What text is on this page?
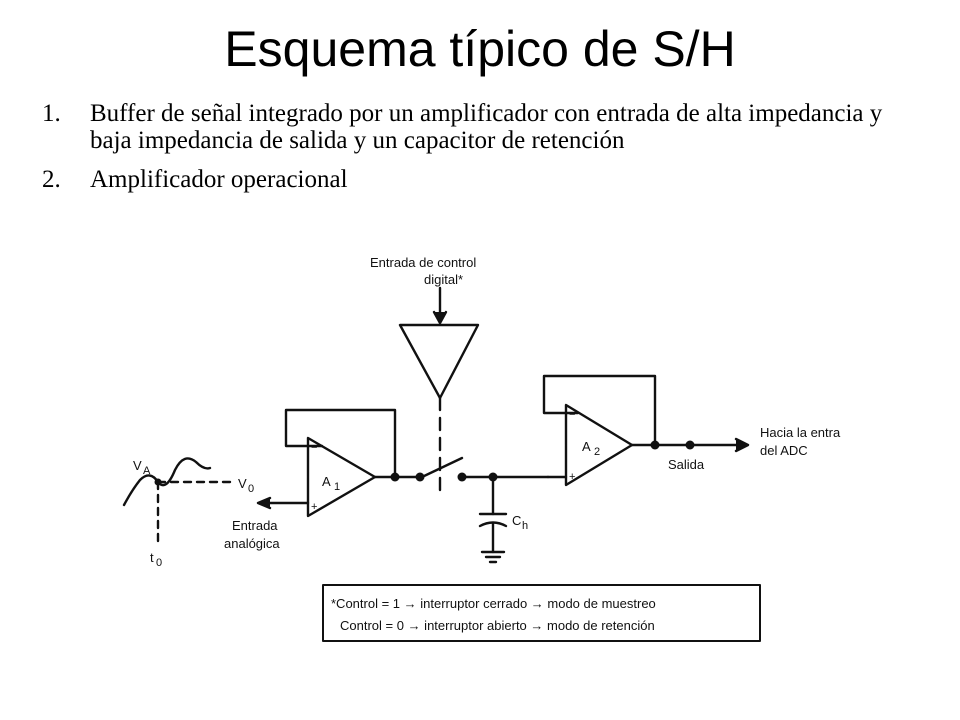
Esquema típico de S/H
1. Buffer de señal integrado por un amplificador con entrada de alta impedancia y baja impedancia de salida y un capacitor de retención
2. Amplificador operacional
−
+
−
+
Entrada de control
digital*
A 1
A 2
C h
Salida
Hacia la entra
del ADC
V A
V 0
t 0
Entrada
analógica
*Control = 1 → interruptor cerrado → modo de muestreo
Control = 0 → interruptor abierto → modo de retención
